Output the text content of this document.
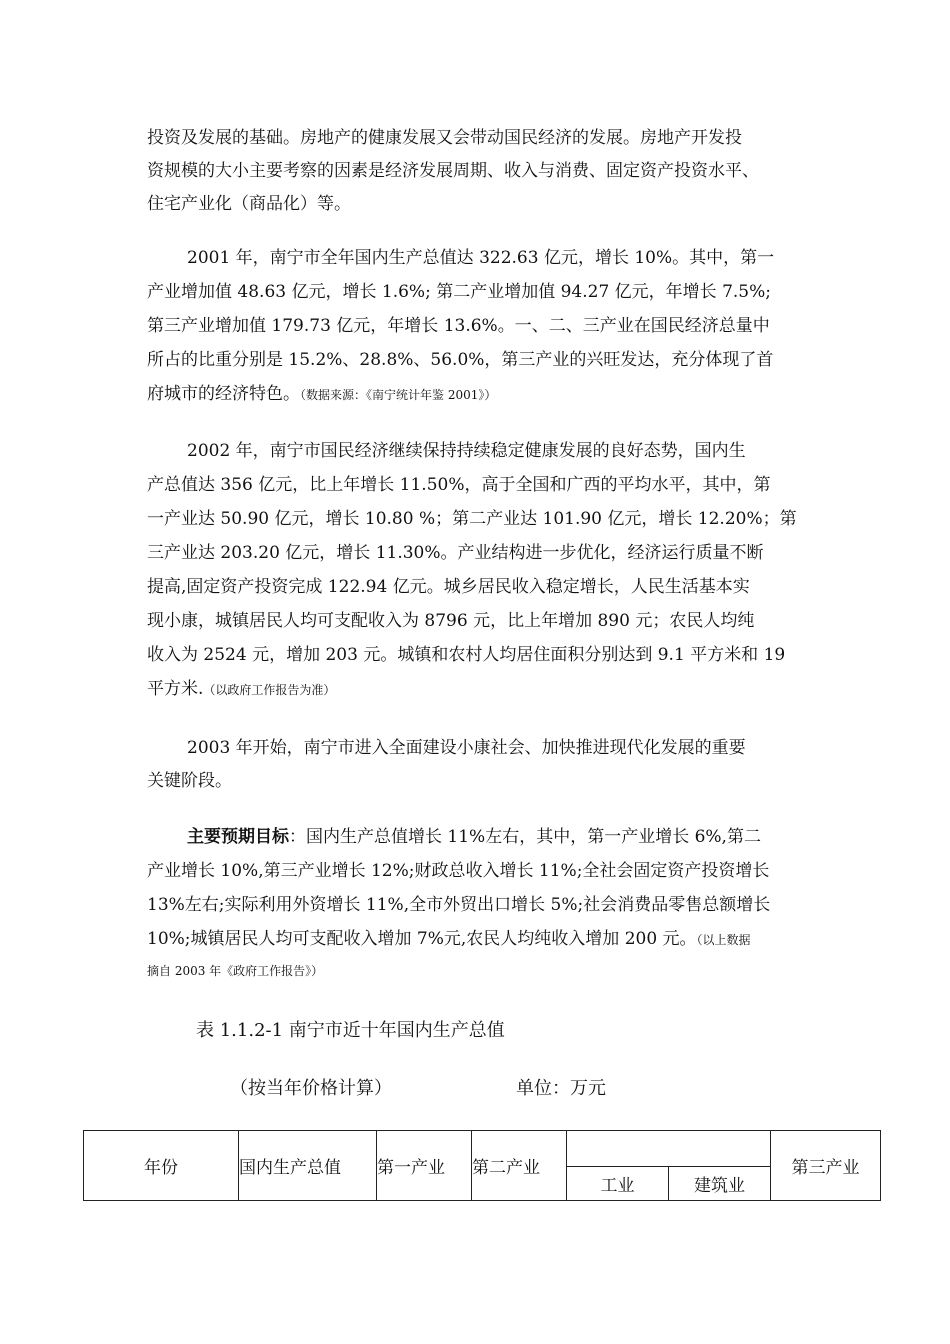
投资及发展的基础。房地产的健康发展又会带动国民经济的发展。房地产开发投
资规模的大小主要考察的因素是经济发展周期、收入与消费、固定资产投资水平、
住宅产业化（商品化）等。
2001 年，南宁市全年国内生产总值达 322.63 亿元，增长 10%。其中，第一
产业增加值 48.63 亿元，增长 1.6%; 第二产业增加值 94.27 亿元，年增长 7.5%;
第三产业增加值 179.73 亿元，年增长 13.6%。一、二、三产业在国民经济总量中
所占的比重分别是 15.2%、28.8%、56.0%，第三产业的兴旺发达，充分体现了首
府城市的经济特色。（数据来源：《南宁统计年鉴 2001》）
2002 年，南宁市国民经济继续保持持续稳定健康发展的良好态势，国内生
产总值达 356 亿元，比上年增长 11.50%，高于全国和广西的平均水平，其中，第
一产业达 50.90 亿元，增长 10.80 %；第二产业达 101.90 亿元，增长 12.20%；第
三产业达 203.20 亿元，增长 11.30%。产业结构进一步优化，经济运行质量不断
提高,固定资产投资完成 122.94 亿元。城乡居民收入稳定增长，人民生活基本实
现小康，城镇居民人均可支配收入为 8796 元，比上年增加 890 元；农民人均纯
收入为 2524 元，增加 203 元。城镇和农村人均居住面积分别达到 9.1 平方米和 19
平方米.（以政府工作报告为准）
2003 年开始，南宁市进入全面建设小康社会、加快推进现代化发展的重要
关键阶段。
主要预期目标：国内生产总值增长 11%左右，其中，第一产业增长 6%,第二
产业增长 10%,第三产业增长 12%;财政总收入增长 11%;全社会固定资产投资增长
13%左右;实际利用外资增长 11%,全市外贸出口增长 5%;社会消费品零售总额增长
10%;城镇居民人均可支配收入增加 7%元,农民人均纯收入增加 200 元。（以上数据
摘自 2003 年《政府工作报告》）
表 1.1.2-1 南宁市近十年国内生产总值
（按当年价格计算）	单位：万元
年份	国内生产总值	第一产业	第二产业			第三产业
				工业	建筑业	
